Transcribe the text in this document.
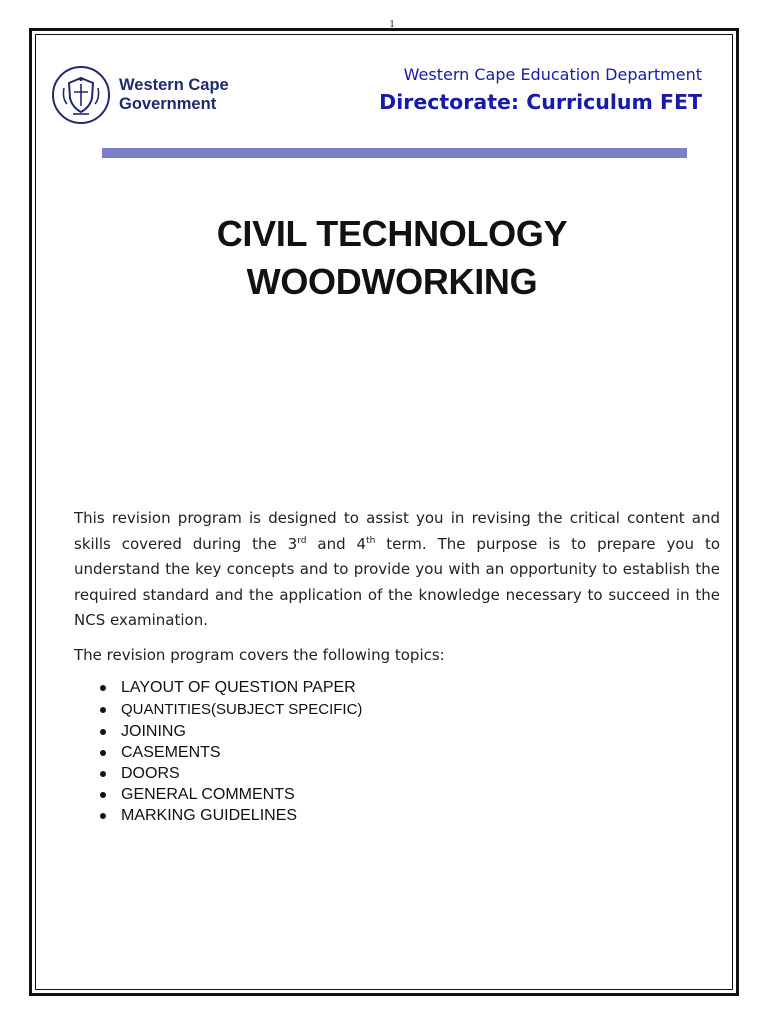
1
Western Cape
Government
Western Cape Education Department
Directorate: Curriculum FET
CIVIL TECHNOLOGY
WOODWORKING

This revision program is designed to assist you in revising the critical content and skills covered during the 3rd and 4th term. The purpose is to prepare you to understand the key concepts and to provide you with an opportunity to establish the required standard and the application of the knowledge necessary to succeed in the NCS examination.

The revision program covers the following topics:
LAYOUT OF QUESTION PAPER
QUANTITIES(SUBJECT SPECIFIC)
JOINING
CASEMENTS
DOORS
GENERAL COMMENTS
MARKING GUIDELINES
